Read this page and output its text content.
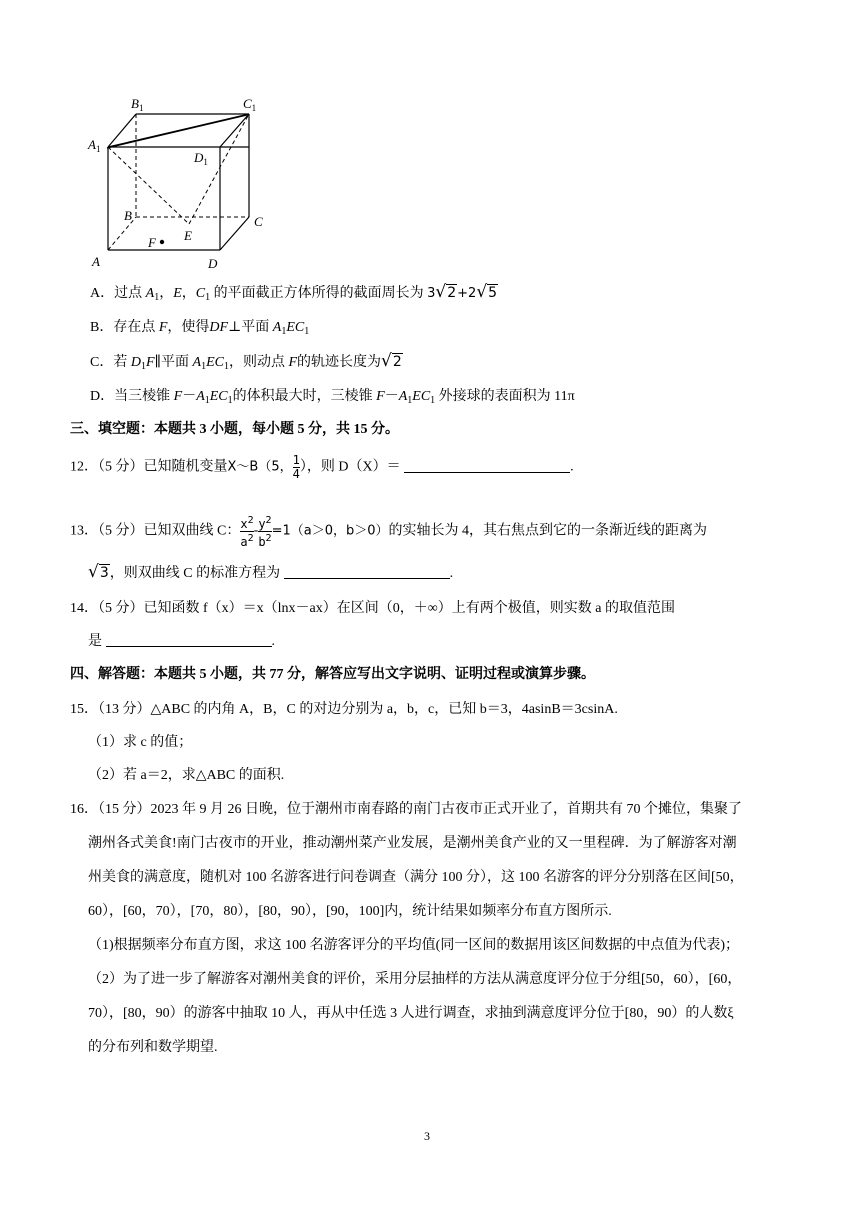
A
B	C
D
$A_1$
$B_1$	$C_1$
$D_1$
E
F
A．过点 $A_1$，E，$C_1$ 的平面截正方体所得的截面周长为 3 √ 2 +2 √ 5
B．存在点 F，使得DF⊥平面 $A_1EC_1$
C．若 $D_1F\parallel$平面 $A_1EC_1$，则动点 F的轨迹长度为 √ 2
D．当三棱锥 $F-A_1EC_1$的体积最大时，三棱锥 $F-A_1EC_1$ 外接球的表面积为 11π
三、填空题：本题共 3 小题，每小题 5 分，共 15 分。
12．（5 分）已知随机变量X～B（5， $\frac{1}{4}$ ），则 D（X）＝	.
13．（5 分）已知双曲线 C： $\frac{x^2}{a^2} - \frac{y^2}{b^2} =1(a>0$，b＞0）的实轴长为 4，其右焦点到它的一条渐近线的距离为
√ 3 ，则双曲线 C 的标准方程为	.
14．（5 分）已知函数 f（x）＝x（lnx－ax）在区间（0，＋∞）上有两个极值，则实数 a 的取值范围
是	.
四、解答题：本题共 5 小题，共 77 分，解答应写出文字说明、证明过程或演算步骤。
15．（13 分）△ABC 的内角 A，B，C 的对边分别为 a，b，c，已知 b＝3，4asinB＝3csinA.
（1）求 c 的值；
（2）若 a＝2，求△ABC 的面积.
16．（15 分）2023 年 9 月 26 日晚，位于潮州市南春路的南门古夜市正式开业了，首期共有 70 个摊位，集聚了
潮州各式美食!南门古夜市的开业，推动潮州菜产业发展，是潮州美食产业的又一里程碑．为了解游客对潮
州美食的满意度，随机对 100 名游客进行问卷调查（满分 100 分），这 100 名游客的评分分别落在区间[50，
60），[60，70），[70，80），[80，90），[90，100]内，统计结果如频率分布直方图所示.
（1)根据频率分布直方图，求这 100 名游客评分的平均值(同一区间的数据用该区间数据的中点值为代表)；
（2）为了进一步了解游客对潮州美食的评价，采用分层抽样的方法从满意度评分位于分组[50，60），[60，
70），[80，90）的游客中抽取 10 人，再从中任选 3 人进行调查，求抽到满意度评分位于[80，90）的人数ξ
的分布列和数学期望.
3
